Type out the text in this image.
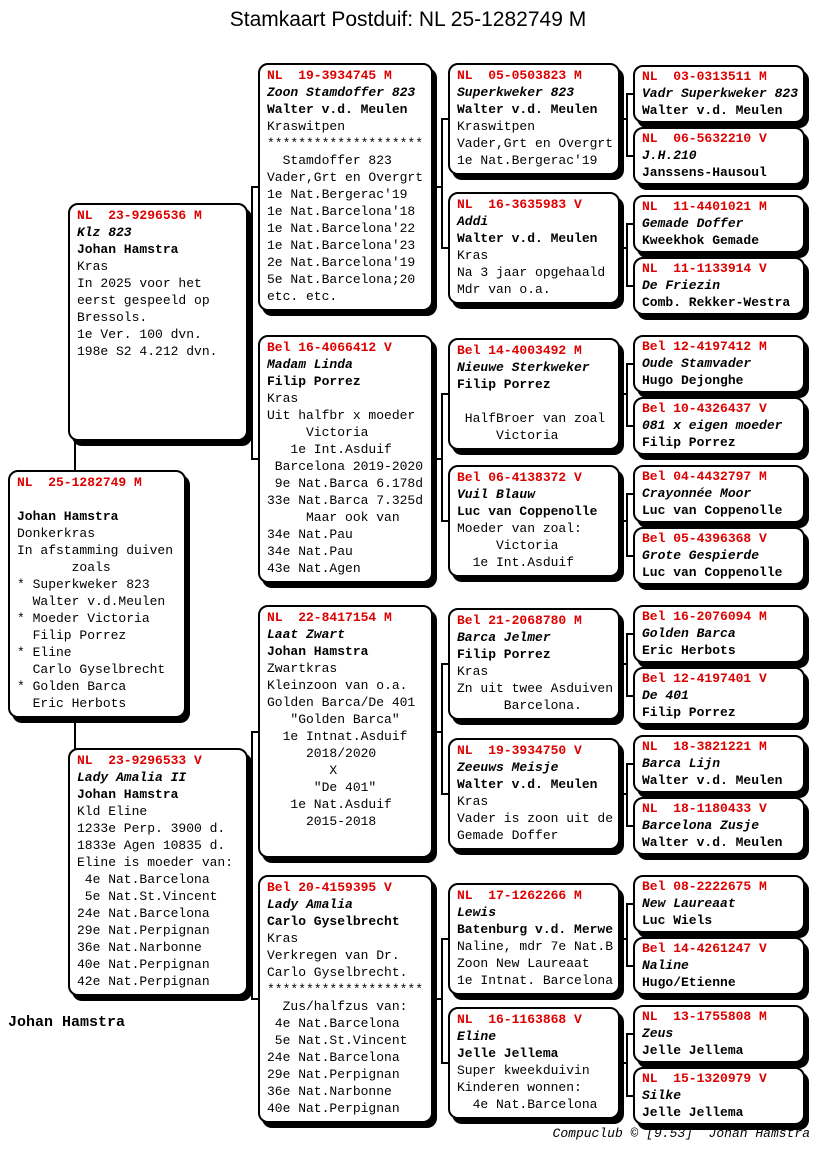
Stamkaart Postduif: NL 25-1282749 M
Johan Hamstra
Compuclub © [9.53]  Johan Hamstra
NL  23-9296536 M
Klz 823
Johan Hamstra
Kras
In 2025 voor het
eerst gespeeld op
Bressols.
1e Ver. 100 dvn.
198e S2 4.212 dvn.
NL  25-1282749 M

Johan Hamstra
Donkerkras
In afstamming duiven
zoals
* Superkweker 823
Walter v.d.Meulen
* Moeder Victoria
Filip Porrez
* Eline
Carlo Gyselbrecht
* Golden Barca
Eric Herbots
NL  23-9296533 V
Lady Amalia II
Johan Hamstra
Kld Eline
1233e Perp. 3900 d.
1833e Agen 10835 d.
Eline is moeder van:
4e Nat.Barcelona
5e Nat.St.Vincent
24e Nat.Barcelona
29e Nat.Perpignan
36e Nat.Narbonne
40e Nat.Perpignan
42e Nat.Perpignan
NL  19-3934745 M
Zoon Stamdoffer 823
Walter v.d. Meulen
Kraswitpen
********************
Stamdoffer 823
Vader,Grt en Overgrt
1e Nat.Bergerac'19
1e Nat.Barcelona'18
1e Nat.Barcelona'22
1e Nat.Barcelona'23
2e Nat.Barcelona'19
5e Nat.Barcelona;20
etc. etc.
Bel 16-4066412 V
Madam Linda
Filip Porrez
Kras
Uit halfbr x moeder
Victoria
1e Int.Asduif
Barcelona 2019-2020
9e Nat.Barca 6.178d
33e Nat.Barca 7.325d
Maar ook van
34e Nat.Pau
34e Nat.Pau
43e Nat.Agen
NL  22-8417154 M
Laat Zwart
Johan Hamstra
Zwartkras
Kleinzoon van o.a.
Golden Barca/De 401
"Golden Barca"
1e Intnat.Asduif
2018/2020
X
"De 401"
1e Nat.Asduif
2015-2018
Bel 20-4159395 V
Lady Amalia
Carlo Gyselbrecht
Kras
Verkregen van Dr.
Carlo Gyselbrecht.
********************
Zus/halfzus van:
4e Nat.Barcelona
5e Nat.St.Vincent
24e Nat.Barcelona
29e Nat.Perpignan
36e Nat.Narbonne
40e Nat.Perpignan
NL  05-0503823 M
Superkweker 823
Walter v.d. Meulen
Kraswitpen
Vader,Grt en Overgrt
1e Nat.Bergerac'19
NL  16-3635983 V
Addi
Walter v.d. Meulen
Kras
Na 3 jaar opgehaald
Mdr van o.a.
Bel 14-4003492 M
Nieuwe Sterkweker
Filip Porrez

HalfBroer van zoal
Victoria
Bel 06-4138372 V
Vuil Blauw
Luc van Coppenolle
Moeder van zoal:
Victoria
1e Int.Asduif
Bel 21-2068780 M
Barca Jelmer
Filip Porrez
Kras
Zn uit twee Asduiven
Barcelona.
NL  19-3934750 V
Zeeuws Meisje
Walter v.d. Meulen
Kras
Vader is zoon uit de
Gemade Doffer
NL  17-1262266 M
Lewis
Batenburg v.d. Merwe
Naline, mdr 7e Nat.B
Zoon New Laureaat
1e Intnat. Barcelona
NL  16-1163868 V
Eline
Jelle Jellema
Super kweekduivin
Kinderen wonnen:
4e Nat.Barcelona
NL  03-0313511 M
Vadr Superkweker 823
Walter v.d. Meulen
NL  06-5632210 V
J.H.210
Janssens-Hausoul
NL  11-4401021 M
Gemade Doffer
Kweekhok Gemade
NL  11-1133914 V
De Friezin
Comb. Rekker-Westra
Bel 12-4197412 M
Oude Stamvader
Hugo Dejonghe
Bel 10-4326437 V
081 x eigen moeder
Filip Porrez
Bel 04-4432797 M
Crayonnée Moor
Luc van Coppenolle
Bel 05-4396368 V
Grote Gespierde
Luc van Coppenolle
Bel 16-2076094 M
Golden Barca
Eric Herbots
Bel 12-4197401 V
De 401
Filip Porrez
NL  18-3821221 M
Barca Lijn
Walter v.d. Meulen
NL  18-1180433 V
Barcelona Zusje
Walter v.d. Meulen
Bel 08-2222675 M
New Laureaat
Luc Wiels
Bel 14-4261247 V
Naline
Hugo/Etienne
NL  13-1755808 M
Zeus
Jelle Jellema
NL  15-1320979 V
Silke
Jelle Jellema
